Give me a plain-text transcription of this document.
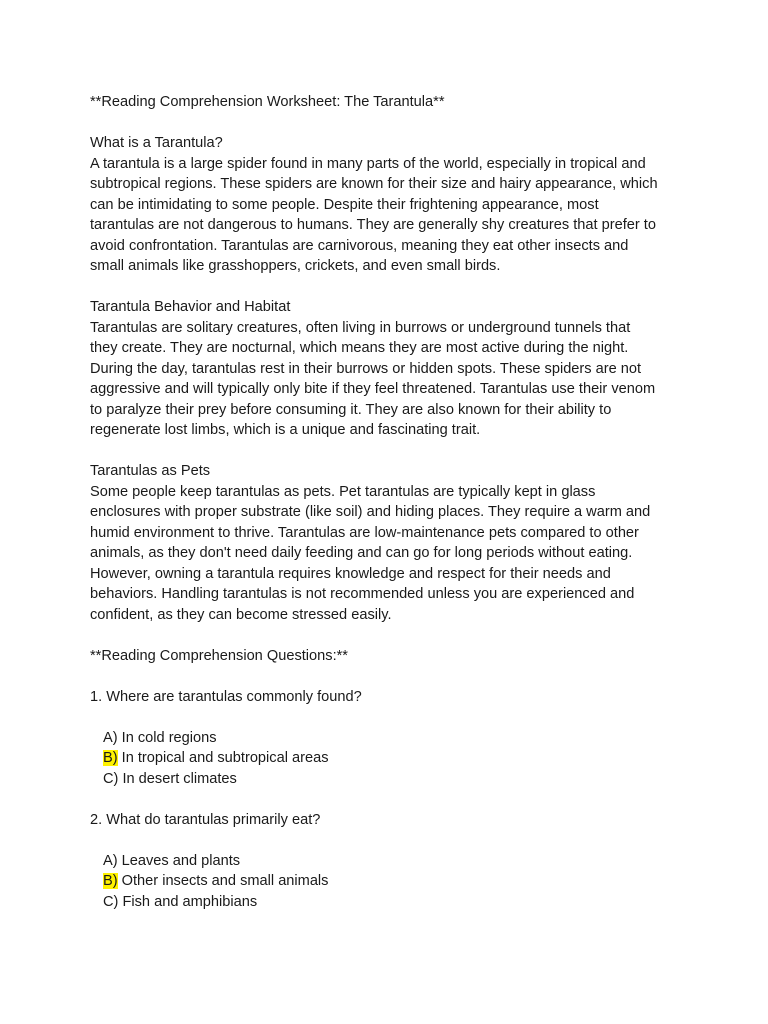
**Reading Comprehension Worksheet: The Tarantula**
What is a Tarantula?
A tarantula is a large spider found in many parts of the world, especially in tropical and
subtropical regions. These spiders are known for their size and hairy appearance, which
can be intimidating to some people. Despite their frightening appearance, most
tarantulas are not dangerous to humans. They are generally shy creatures that prefer to
avoid confrontation. Tarantulas are carnivorous, meaning they eat other insects and
small animals like grasshoppers, crickets, and even small birds.
Tarantula Behavior and Habitat
Tarantulas are solitary creatures, often living in burrows or underground tunnels that
they create. They are nocturnal, which means they are most active during the night.
During the day, tarantulas rest in their burrows or hidden spots. These spiders are not
aggressive and will typically only bite if they feel threatened. Tarantulas use their venom
to paralyze their prey before consuming it. They are also known for their ability to
regenerate lost limbs, which is a unique and fascinating trait.
Tarantulas as Pets
Some people keep tarantulas as pets. Pet tarantulas are typically kept in glass
enclosures with proper substrate (like soil) and hiding places. They require a warm and
humid environment to thrive. Tarantulas are low-maintenance pets compared to other
animals, as they don't need daily feeding and can go for long periods without eating.
However, owning a tarantula requires knowledge and respect for their needs and
behaviors. Handling tarantulas is not recommended unless you are experienced and
confident, as they can become stressed easily.
**Reading Comprehension Questions:**
1. Where are tarantulas commonly found?
A) In cold regions
B) In tropical and subtropical areas
C) In desert climates
2. What do tarantulas primarily eat?
A) Leaves and plants
B) Other insects and small animals
C) Fish and amphibians
